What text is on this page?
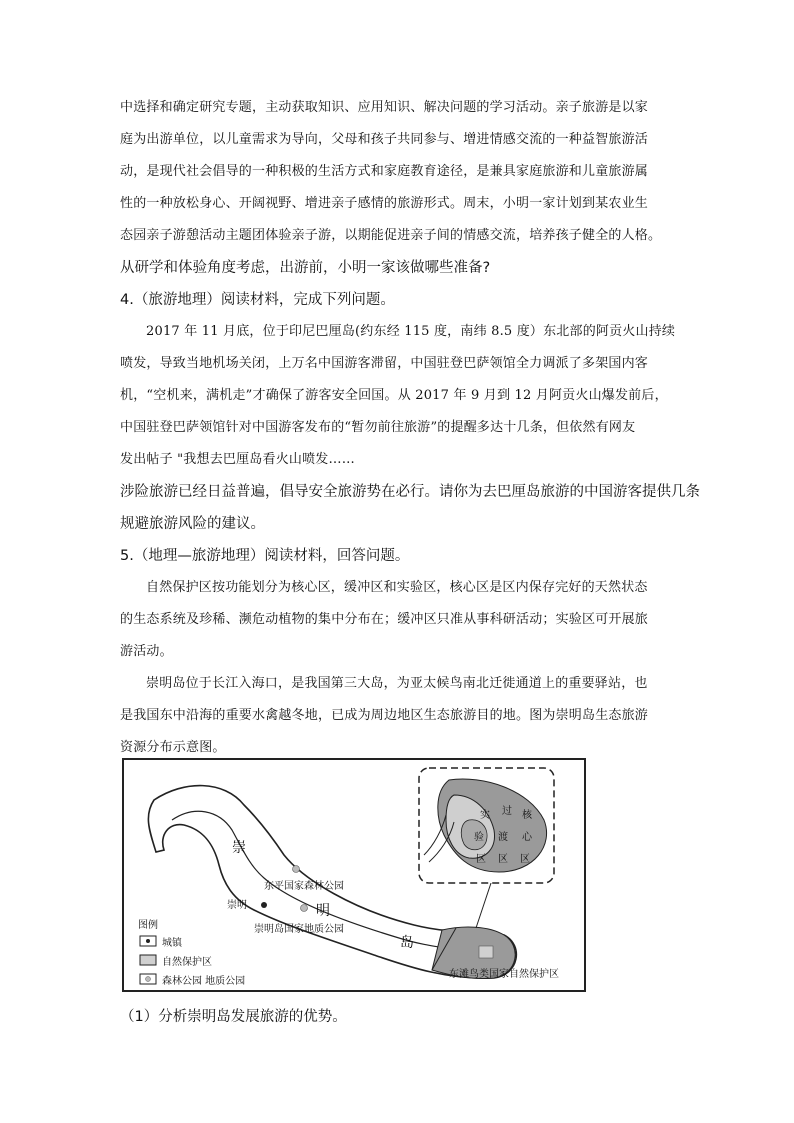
中选择和确定研究专题，主动获取知识、应用知识、解决问题的学习活动。亲子旅游是以家
庭为出游单位，以儿童需求为导向，父母和孩子共同参与、增进情感交流的一种益智旅游活
动，是现代社会倡导的一种积极的生活方式和家庭教育途径，是兼具家庭旅游和儿童旅游属
性的一种放松身心、开阔视野、增进亲子感情的旅游形式。周末，小明一家计划到某农业生
态园亲子游憩活动主题团体验亲子游，以期能促进亲子间的情感交流，培养孩子健全的人格。
从研学和体验角度考虑，出游前，小明一家该做哪些准备?
4.（旅游地理）阅读材料，完成下列问题。
2017 年 11 月底，位于印尼巴厘岛(约东经 115 度，南纬 8.5 度）东北部的阿贡火山持续
喷发，导致当地机场关闭，上万名中国游客滞留，中国驻登巴萨领馆全力调派了多架国内客
机，“空机来，满机走”才确保了游客安全回国。从 2017 年 9 月到 12 月阿贡火山爆发前后，
中国驻登巴萨领馆针对中国游客发布的“暂勿前往旅游”的提醒多达十几条，但依然有网友
发出帖子 "我想去巴厘岛看火山喷发……
涉险旅游已经日益普遍，倡导安全旅游势在必行。请你为去巴厘岛旅游的中国游客提供几条
规避旅游风险的建议。
5.（地理—旅游地理）阅读材料，回答问题。
自然保护区按功能划分为核心区，缓冲区和实验区，核心区是区内保存完好的天然状态
的生态系统及珍稀、濒危动植物的集中分布在；缓冲区只准从事科研活动；实验区可开展旅
游活动。
崇明岛位于长江入海口，是我国第三大岛，为亚太候鸟南北迁徙通道上的重要驿站，也
是我国东中沿海的重要水禽越冬地，已成为周边地区生态旅游目的地。图为崇明岛生态旅游
资源分布示意图。
崇
明
岛
崇明
东平国家森林公园
崇明岛国家地质公园
东滩鸟类国家自然保护区
图例
城镇
自然保护区
森林公园 地质公园
实 过 核
验 渡 心
区 区 区
（1）分析崇明岛发展旅游的优势。
